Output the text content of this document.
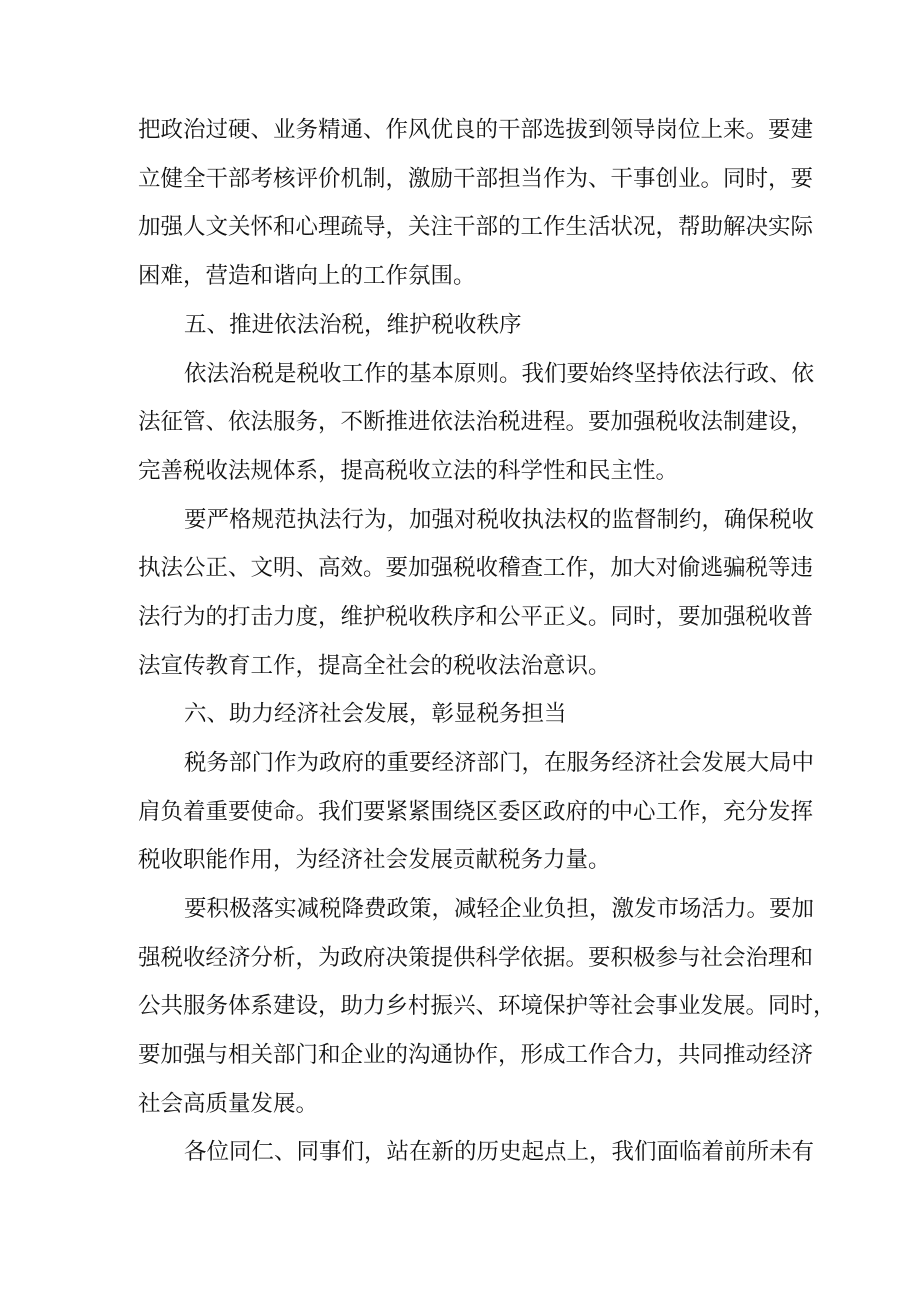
把政治过硬、业务精通、作风优良的干部选拔到领导岗位上来。要建

立健全干部考核评价机制，激励干部担当作为、干事创业。同时，要

加强人文关怀和心理疏导，关注干部的工作生活状况，帮助解决实际

困难，营造和谐向上的工作氛围。

五、推进依法治税，维护税收秩序

依法治税是税收工作的基本原则。我们要始终坚持依法行政、依

法征管、依法服务，不断推进依法治税进程。要加强税收法制建设，

完善税收法规体系，提高税收立法的科学性和民主性。

要严格规范执法行为，加强对税收执法权的监督制约，确保税收

执法公正、文明、高效。要加强税收稽查工作，加大对偷逃骗税等违

法行为的打击力度，维护税收秩序和公平正义。同时，要加强税收普

法宣传教育工作，提高全社会的税收法治意识。

六、助力经济社会发展，彰显税务担当

税务部门作为政府的重要经济部门，在服务经济社会发展大局中

肩负着重要使命。我们要紧紧围绕区委区政府的中心工作，充分发挥

税收职能作用，为经济社会发展贡献税务力量。

要积极落实减税降费政策，减轻企业负担，激发市场活力。要加

强税收经济分析，为政府决策提供科学依据。要积极参与社会治理和

公共服务体系建设，助力乡村振兴、环境保护等社会事业发展。同时，

要加强与相关部门和企业的沟通协作，形成工作合力，共同推动经济

社会高质量发展。

各位同仁、同事们，站在新的历史起点上，我们面临着前所未有
